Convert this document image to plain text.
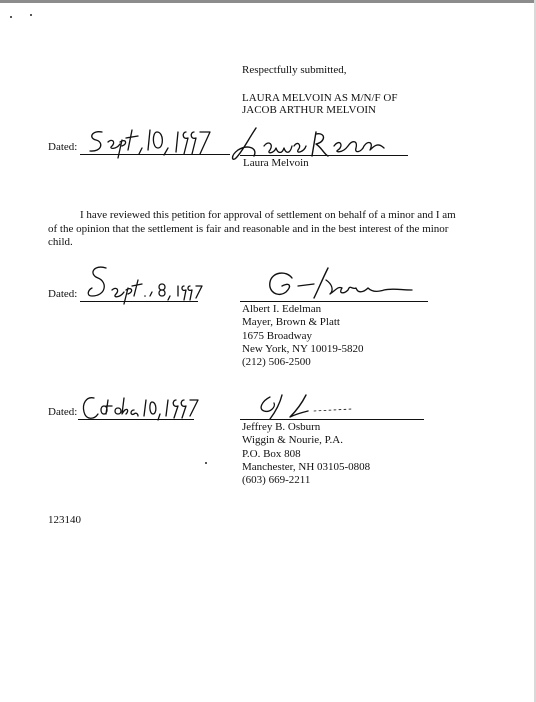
Respectfully submitted,
LAURA MELVOIN AS M/N/F OF
JACOB ARTHUR MELVOIN
Dated:
Laura Melvoin
I have reviewed this petition for approval of settlement on behalf of a minor and I am of the opinion that the settlement is fair and reasonable and in the best interest of the minor child.
Dated:
Albert I. Edelman
Mayer, Brown & Platt
1675 Broadway
New York, NY 10019-5820
(212) 506-2500
Dated:
Jeffrey B. Osburn
Wiggin & Nourie, P.A.
P.O. Box 808
Manchester, NH 03105-0808
(603) 669-2211
123140
